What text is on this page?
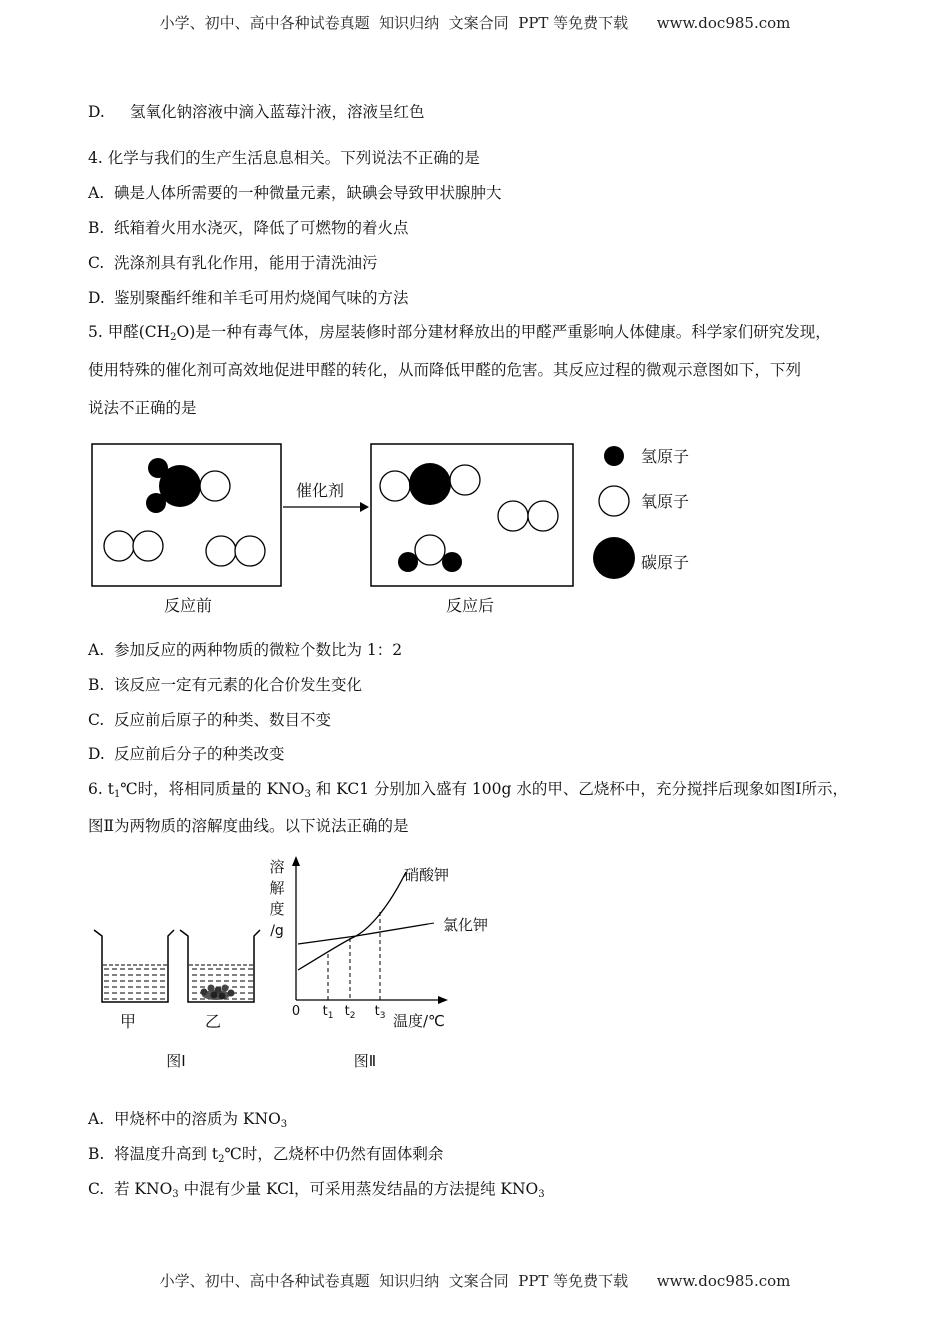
小学、初中、高中各种试卷真题  知识归纳  文案合同  PPT 等免费下载      www.doc985.com
D. 氢氧化钠溶液中滴入蓝莓汁液，溶液呈红色
4. 化学与我们的生产生活息息相关。下列说法不正确的是
A. 碘是人体所需要的一种微量元素，缺碘会导致甲状腺肿大
B. 纸箱着火用水浇灭，降低了可燃物的着火点
C. 洗涤剂具有乳化作用，能用于清洗油污
D. 鉴别聚酯纤维和羊毛可用灼烧闻气味的方法
5. 甲醛$(CH_2O)$是一种有毒气体，房屋装修时部分建材释放出的甲醛严重影响人体健康。科学家们研究发现，
使用特殊的催化剂可高效地促进甲醛的转化，从而降低甲醛的危害。其反应过程的微观示意图如下，下列
说法不正确的是
反应前
催化剂
反应后
氢原子
氧原子
碳原子
A. 参加反应的两种物质的微粒个数比为 1：2
B. 该反应一定有元素的化合价发生变化
C. 反应前后原子的种类、数目不变
D. 反应前后分子的种类改变
6. $t_1℃$时，将相同质量的 $KNO_3$ 和 KC1 分别加入盛有 100g 水的甲、乙烧杯中，充分搅拌后现象如图Ⅰ所示，
图Ⅱ为两物质的溶解度曲线。以下说法正确的是
甲	乙
图Ⅰ
溶
解
度
/g
0 $t_1$ $t_2$ $t_3$ 温度/℃
硝酸钾
氯化钾
图Ⅱ
A. 甲烧杯中的溶质为 $KNO_3$
B. 将温度升高到 $t_2℃$时，乙烧杯中仍然有固体剩余
C. 若 $KNO_3$ 中混有少量 KCl，可采用蒸发结晶的方法提纯 $KNO_3$
小学、初中、高中各种试卷真题  知识归纳  文案合同  PPT 等免费下载      www.doc985.com
